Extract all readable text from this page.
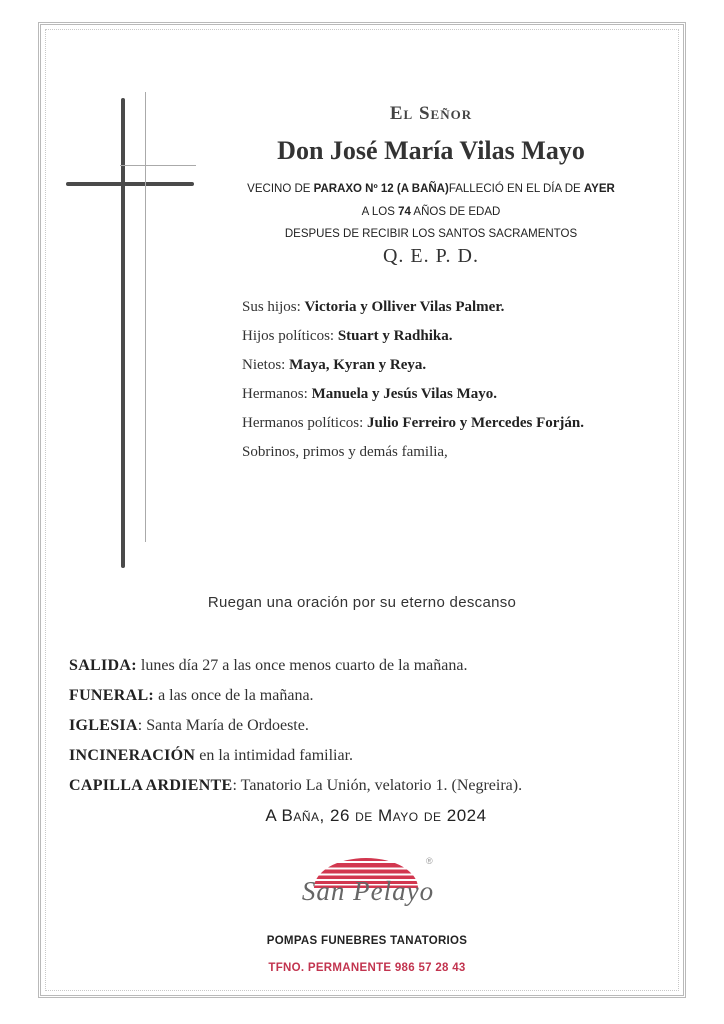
El Señor
Don José María Vilas Mayo
VECINO DE PARAXO Nº 12 (A BAÑA)FALLECIÓ EN EL DÍA DE AYER
A LOS 74 AÑOS DE EDAD
DESPUES DE RECIBIR LOS SANTOS SACRAMENTOS
Q. E. P. D.
Sus hijos: Victoria y Olliver Vilas Palmer.
Hijos políticos: Stuart y Radhika.
Nietos: Maya, Kyran y Reya.
Hermanos: Manuela y Jesús Vilas Mayo.
Hermanos políticos: Julio Ferreiro y Mercedes Forján.
Sobrinos, primos y demás familia,
Ruegan una oración por su eterno descanso
SALIDA: lunes día 27 a las once menos cuarto de la mañana.
FUNERAL: a las once de la mañana.
IGLESIA: Santa María de Ordoeste.
INCINERACIÓN en la intimidad familiar.
CAPILLA ARDIENTE: Tanatorio La Unión, velatorio 1. (Negreira).
A Baña, 26 de Mayo de 2024
®
San Pelayo
POMPAS FUNEBRES TANATORIOS
TFNO. PERMANENTE 986 57 28 43
